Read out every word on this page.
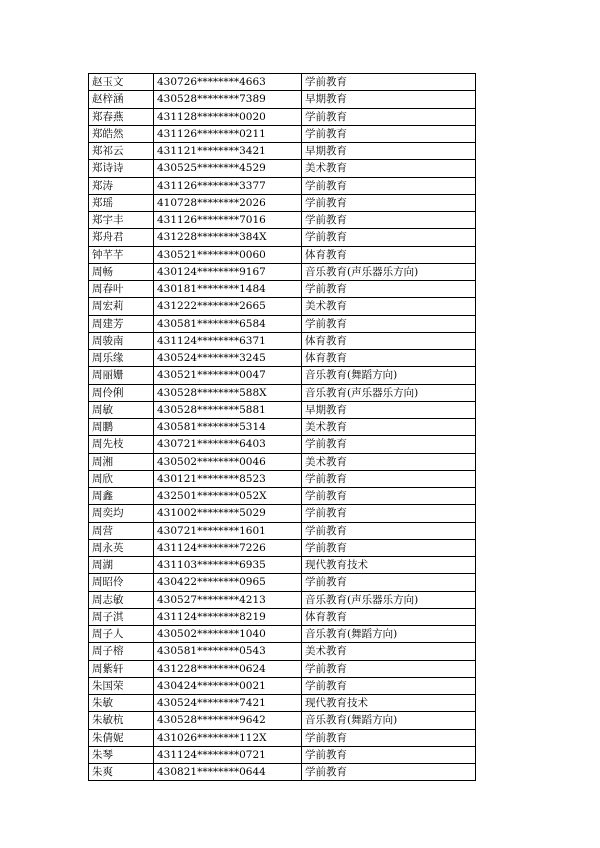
赵玉文	430726********4663	学前教育
赵梓涵	430528********7389	早期教育
郑春燕	431128********0020	学前教育
郑皓然	431126********0211	学前教育
郑祁云	431121********3421	早期教育
郑诗诗	430525********4529	美术教育
郑涛	431126********3377	学前教育
郑瑶	410728********2026	学前教育
郑宇丰	431126********7016	学前教育
郑舟君	431228********384X	学前教育
钟芊芊	430521********0060	体育教育
周畅	430124********9167	音乐教育(声乐器乐方向)
周春叶	430181********1484	学前教育
周宏莉	431222********2665	美术教育
周建芳	430581********6584	学前教育
周骏南	431124********6371	体育教育
周乐缘	430524********3245	体育教育
周丽姗	430521********0047	音乐教育(舞蹈方向)
周伶俐	430528********588X	音乐教育(声乐器乐方向)
周敏	430528********5881	早期教育
周鹏	430581********5314	美术教育
周先枝	430721********6403	学前教育
周湘	430502********0046	美术教育
周欣	430121********8523	学前教育
周鑫	432501********052X	学前教育
周奕均	431002********5029	学前教育
周营	430721********1601	学前教育
周永英	431124********7226	学前教育
周湖	431103********6935	现代教育技术
周昭伶	430422********0965	学前教育
周志敏	430527********4213	音乐教育(声乐器乐方向)
周子淇	431124********8219	体育教育
周子人	430502********1040	音乐教育(舞蹈方向)
周子榕	430581********0543	美术教育
周紫轩	431228********0624	学前教育
朱国荣	430424********0021	学前教育
朱敏	430524********7421	现代教育技术
朱敏杭	430528********9642	音乐教育(舞蹈方向)
朱倩妮	431026********112X	学前教育
朱琴	431124********0721	学前教育
朱爽	430821********0644	学前教育
